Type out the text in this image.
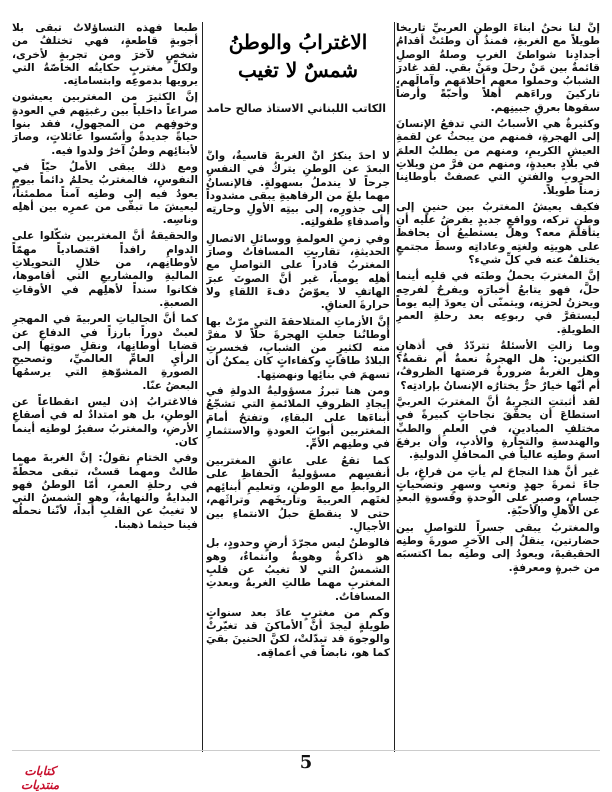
إنَّ لنا نحنُ أبناءَ الوطنِ العربيِّ تاريخاً طويلاً مع الغربةِ، فمنذُ أن وطئتْ أقدامُ أجدادِنا شواطئَ الغربِ وصلةُ الوصلِ قائمةٌ بين مَنْ رحلَ ومَنْ بقي. لقد غادرَ الشبابُ وحملوا معهم أحلامَهم وآمالَهم، تاركينَ وراءَهم أهلاً وأحبّةً وأرضاً سقوها بعرقِ جبينِهم.

وكثيرةٌ هي الأسبابُ التي تدفعُ الإنسانَ إلى الهجرةِ، فمنهم من يبحثُ عن لقمةِ العيشِ الكريمِ، ومنهم من يطلبُ العلمَ في بلادٍ بعيدةٍ، ومنهم من فرَّ من ويلاتِ الحروبِ والفتنِ التي عصفتْ بأوطانِنا زمناً طويلاً.

فكيف يعيشُ المغتربُ بين حنينٍ إلى وطنٍ تركه، وواقعٍ جديدٍ يفرضُ عليه أن يتأقلمَ معه؟ وهل يستطيعُ أن يحافظَ على هويتِه ولغتِه وعاداتِه وسطَ مجتمعٍ يختلفُ عنه في كلِّ شيء؟

إنَّ المغتربَ يحملُ وطنَه في قلبِه أينما حلَّ، فهو يتابعُ أخبارَه ويفرحُ لفرحِه ويحزنُ لحزنِه، ويتمنّى أن يعودَ إليه يوماً ليستقرَّ في ربوعِه بعد رحلةِ العمرِ الطويلةِ.

وما زالتِ الأسئلةُ تتردّدُ في أذهانِ الكثيرين: هل الهجرةُ نعمةٌ أم نقمةٌ؟ وهل الغربةُ ضرورةٌ فرضتها الظروفُ، أم أنّها خيارٌ حرٌّ يختارُه الإنسانُ بإرادتِه؟

لقد أثبتتِ التجربةُ أنَّ المغتربَ العربيَّ استطاعَ أن يحقّقَ نجاحاتٍ كبيرةً في مختلفِ الميادينِ، في العلمِ والطبِّ والهندسةِ والتجارةِ والأدبِ، وأن يرفعَ اسمَ وطنِه عالياً في المحافلِ الدوليةِ.

غير أنَّ هذا النجاحَ لم يأتِ من فراغٍ، بل جاءَ ثمرةَ جهدٍ وتعبٍ وسهرٍ وتضحياتٍ جسامٍ، وصبرٍ على الوحدةِ وقسوةِ البعدِ عن الأهلِ والأحبّةِ.

والمغتربُ يبقى جسراً للتواصلِ بين حضارتين، ينقلُ إلى الآخرِ صورةَ وطنِه الحقيقيةَ، ويعودُ إلى وطنِه بما اكتسبَه من خبرةٍ ومعرفةٍ.

الاغترابُ والوطنُ شمسٌ لا تغيب
الكاتب اللبناني الاستاذ صالح حامد

لا أحدَ ينكرُ أنَّ الغربةَ قاسيةٌ، وأنَّ البعدَ عن الوطنِ يتركُ في النفسِ جرحاً لا يندملُ بسهولةٍ. فالإنسانُ مهما بلغَ من الرفاهيةِ يبقى مشدوداً إلى جذورِه، إلى بيتِه الأولِ وحارتِه وأصدقاءِ طفولتِه.

وفي زمنِ العولمةِ ووسائلِ الاتصالِ الحديثةِ، تقاربتِ المسافاتُ وصارَ المغتربُ قادراً على التواصلِ مع أهلِه يومياً، غير أنَّ الصوتَ عبرَ الهاتفِ لا يعوّضُ دفءَ اللقاءِ ولا حرارةَ العناقِ.

إنَّ الأزماتِ المتلاحقةَ التي مرّتْ بها أوطانُنا جعلتِ الهجرةَ حلّاً لا مفرَّ منه لكثيرٍ من الشبابِ، فخسرتِ البلادُ طاقاتٍ وكفاءاتٍ كان يمكنُ أن تسهمَ في بنائِها ونهضتِها.

ومن هنا تبرزُ مسؤوليةُ الدولةِ في إيجادِ الظروفِ الملائمةِ التي تشجّعُ أبناءَها على البقاءِ، وتفتحُ أمامَ المغتربين أبوابَ العودةِ والاستثمارِ في وطنِهم الأمِّ.

كما تقعُ على عاتقِ المغتربين أنفسِهم مسؤوليةُ الحفاظِ على الروابطِ مع الوطنِ، وتعليمِ أبنائِهم لغتَهم العربيةَ وتاريخَهم وتراثَهم، حتى لا ينقطعَ حبلُ الانتماءِ بين الأجيالِ.

فالوطنُ ليس مجرّدَ أرضٍ وحدودٍ، بل هو ذاكرةٌ وهويةٌ وانتماءٌ، وهو الشمسُ التي لا تغيبُ عن قلبِ المغتربِ مهما طالتِ الغربةُ وبعدتِ المسافاتُ.

وكم من مغتربٍ عادَ بعد سنواتٍ طويلةٍ ليجدَ أنَّ الأماكنَ قد تغيّرتْ والوجوهَ قد تبدّلتْ، لكنَّ الحنينَ بقيَ كما هو، نابضاً في أعماقِه.

طبعاً فهذه التساؤلاتُ تبقى بلا أجوبةٍ قاطعةٍ، فهي تختلفُ من شخصٍ لآخرَ ومن تجربةٍ لأخرى، ولكلِّ مغتربٍ حكايتُه الخاصّةُ التي يرويها بدموعِه وابتساماتِه.

إنَّ الكثيرَ من المغتربين يعيشون صراعاً داخلياً بين رغبتِهم في العودةِ وخوفِهم من المجهولِ، فقد بنوا حياةً جديدةً وأسّسوا عائلاتٍ، وصارَ لأبنائِهم وطنٌ آخرُ ولدوا فيه.

ومع ذلك يبقى الأملُ حيّاً في النفوسِ، فالمغتربُ يحلمُ دائماً بيومٍ يعودُ فيه إلى وطنِه آمناً مطمئناً، ليعيشَ ما تبقّى من عمرِه بين أهلِه وناسِه.

والحقيقةُ أنَّ المغتربين شكّلوا على الدوامِ رافداً اقتصادياً مهمّاً لأوطانِهم، من خلالِ التحويلاتِ الماليةِ والمشاريعِ التي أقاموها، فكانوا سنداً لأهلِهم في الأوقاتِ الصعبةِ.

كما أنَّ الجالياتِ العربيةَ في المهجرِ لعبتْ دوراً بارزاً في الدفاعِ عن قضايا أوطانِها، ونقلِ صوتِها إلى الرأيِ العامِّ العالميِّ، وتصحيحِ الصورةِ المشوّهةِ التي يرسمُها البعضُ عنّا.

فالاغترابُ إذن ليس انقطاعاً عن الوطنِ، بل هو امتدادٌ له في أصقاعِ الأرضِ، والمغتربُ سفيرٌ لوطنِه أينما كان.

وفي الختامِ نقولُ: إنَّ الغربةَ مهما طالتْ ومهما قستْ، تبقى محطّةً في رحلةِ العمرِ، أمّا الوطنُ فهو البدايةُ والنهايةُ، وهو الشمسُ التي لا تغيبُ عن القلبِ أبداً، لأنّنا نحملُه فينا حيثما ذهبنا.

5
كتابات منتديات
